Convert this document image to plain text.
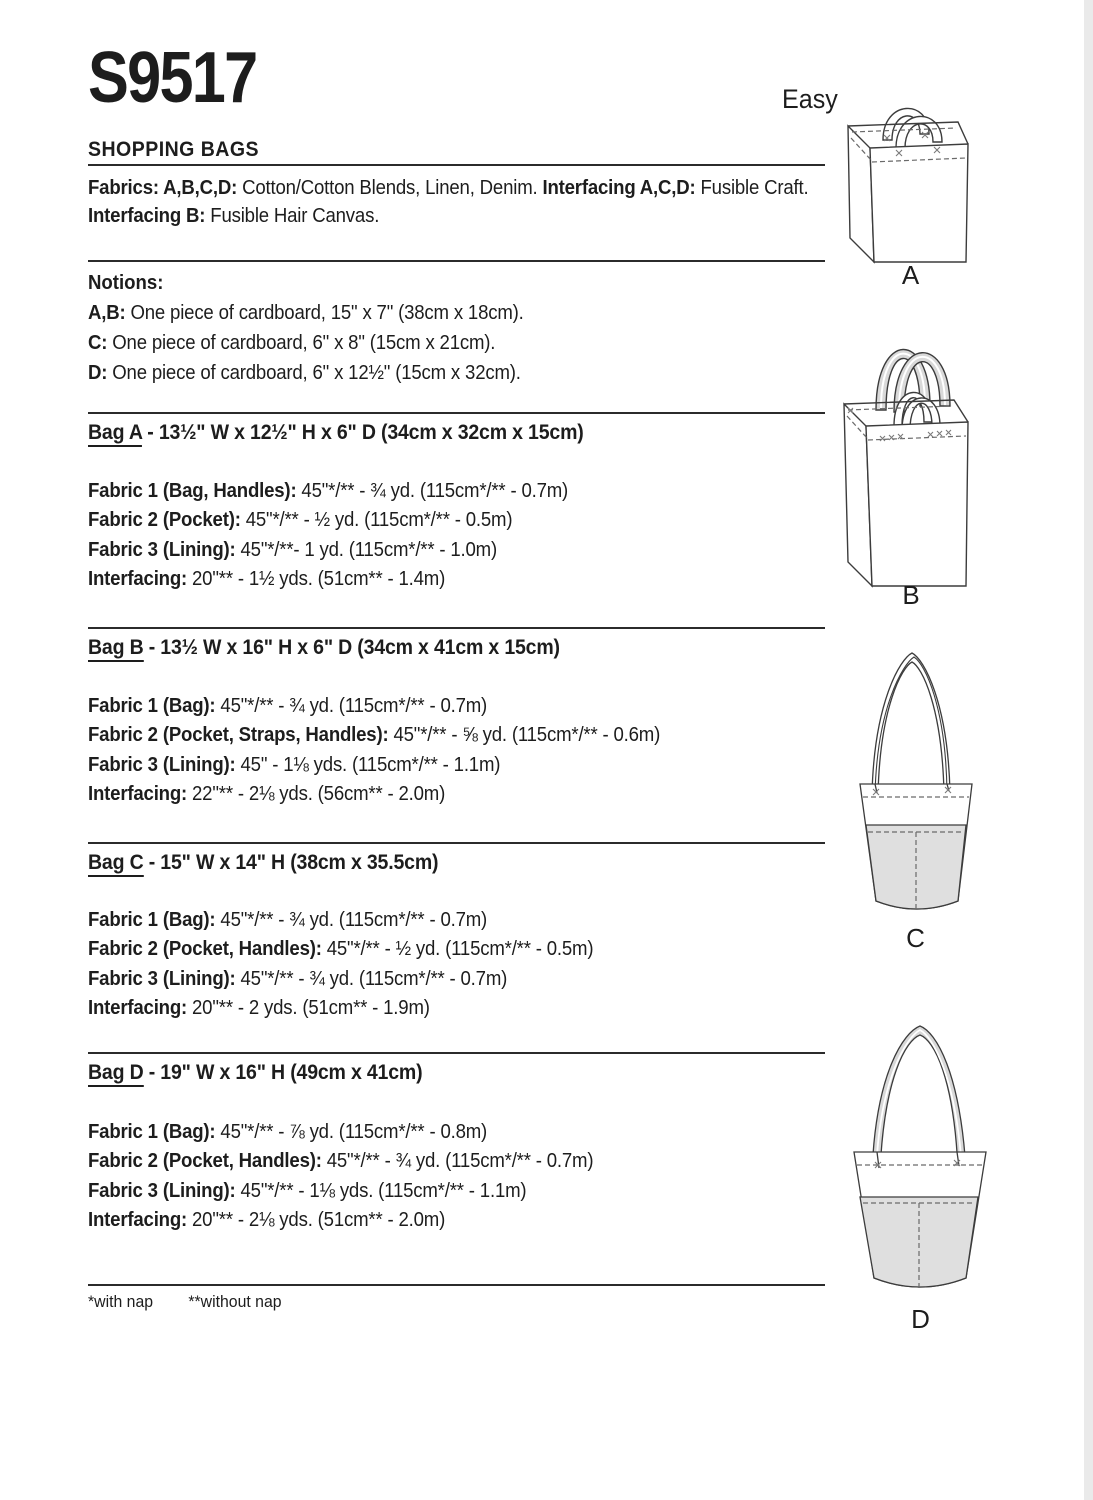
S9517	Easy
SHOPPING BAGS
Fabrics: A,B,C,D: Cotton/Cotton Blends, Linen, Denim. Interfacing A,C,D: Fusible Craft.
Interfacing B: Fusible Hair Canvas.
Notions:
A,B: One piece of cardboard, 15" x 7" (38cm x 18cm).
C: One piece of cardboard, 6" x 8" (15cm x 21cm).
D: One piece of cardboard, 6" x 12½" (15cm x 32cm).
Bag A - 13½" W x 12½" H x 6" D (34cm x 32cm x 15cm)
Fabric 1 (Bag, Handles): 45"*/** - ¾ yd. (115cm*/** - 0.7m)
Fabric 2 (Pocket): 45"*/** - ½ yd. (115cm*/** - 0.5m)
Fabric 3 (Lining): 45"*/**- 1 yd. (115cm*/** - 1.0m)
Interfacing: 20"** - 1½ yds. (51cm** - 1.4m)
Bag B - 13½ W x 16" H x 6" D (34cm x 41cm x 15cm)
Fabric 1 (Bag): 45"*/** - ¾ yd. (115cm*/** - 0.7m)
Fabric 2 (Pocket, Straps, Handles): 45"*/** - ⅝ yd. (115cm*/** - 0.6m)
Fabric 3 (Lining): 45" - 1⅛ yds. (115cm*/** - 1.1m)
Interfacing: 22"** - 2⅛ yds. (56cm** - 2.0m)
Bag C - 15" W x 14" H (38cm x 35.5cm)
Fabric 1 (Bag): 45"*/** - ¾ yd. (115cm*/** - 0.7m)
Fabric 2 (Pocket, Handles): 45"*/** - ½ yd. (115cm*/** - 0.5m)
Fabric 3 (Lining): 45"*/** - ¾ yd. (115cm*/** - 0.7m)
Interfacing: 20"** - 2 yds. (51cm** - 1.9m)
Bag D - 19" W x 16" H (49cm x 41cm)
Fabric 1 (Bag): 45"*/** - ⅞ yd. (115cm*/** - 0.8m)
Fabric 2 (Pocket, Handles): 45"*/** - ¾ yd. (115cm*/** - 0.7m)
Fabric 3 (Lining): 45"*/** - 1⅛ yds. (115cm*/** - 1.1m)
Interfacing: 20"** - 2⅛ yds. (51cm** - 2.0m)
*with nap **without nap
A
B
C
D
